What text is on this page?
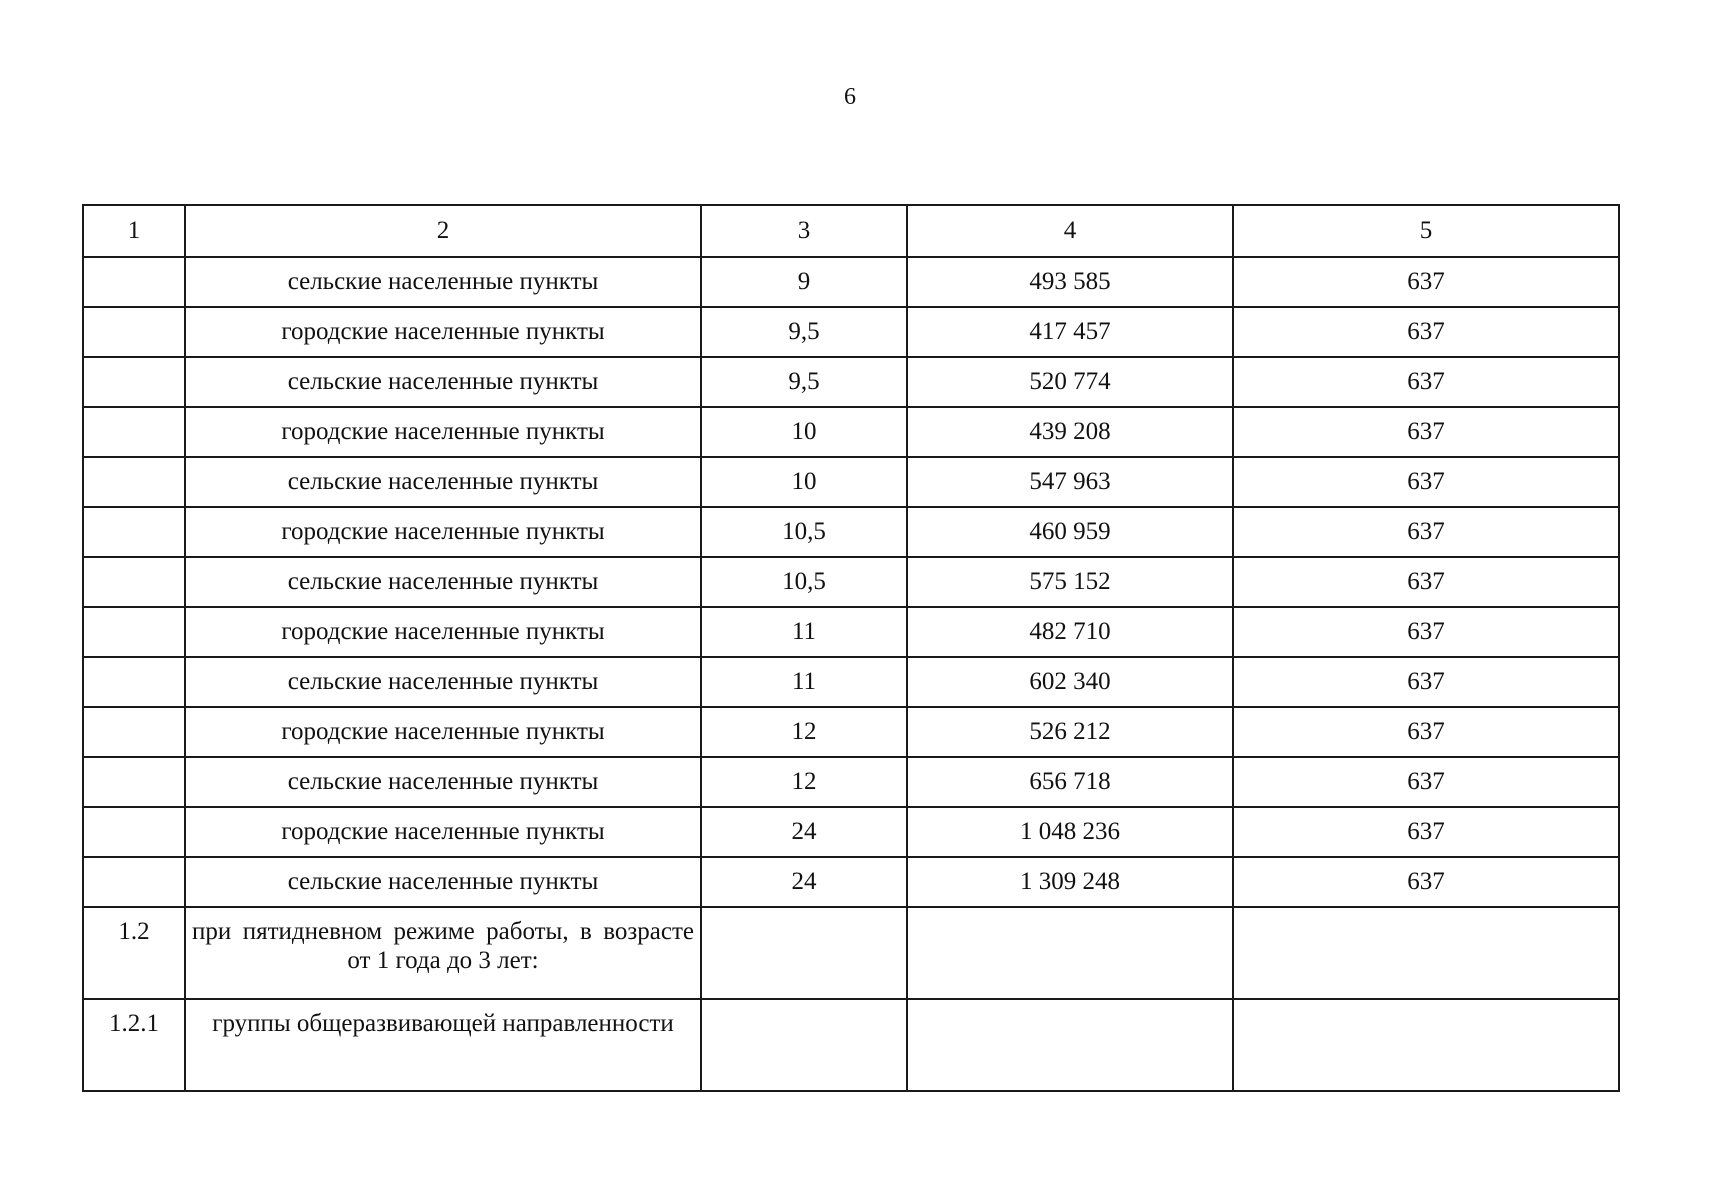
6
1	2	3	4	5
	сельские населенные пункты	9	493 585	637
	городские населенные пункты	9,5	417 457	637
	сельские населенные пункты	9,5	520 774	637
	городские населенные пункты	10	439 208	637
	сельские населенные пункты	10	547 963	637
	городские населенные пункты	10,5	460 959	637
	сельские населенные пункты	10,5	575 152	637
	городские населенные пункты	11	482 710	637
	сельские населенные пункты	11	602 340	637
	городские населенные пункты	12	526 212	637
	сельские населенные пункты	12	656 718	637
	городские населенные пункты	24	1 048 236	637
	сельские населенные пункты	24	1 309 248	637
1.2	при пятидневном режиме работы, в возрасте от 1 года до 3 лет:			
1.2.1	группы общеразвивающей направленности			
